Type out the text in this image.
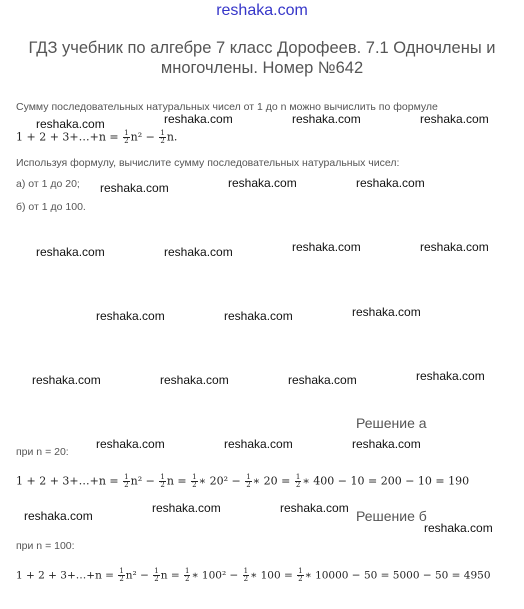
reshaka.com
ГДЗ учебник по алгебре 7 класс Дорофеев. 7.1 Одночлены и многочлены. Номер №642
Сумму последовательных натуральных чисел от 1 до n можно вычислить по формуле
1 + 2 + 3+…+n = $\frac{1}{2} n^2 - \frac{1}{2} n$.
Используя формулу, вычислите сумму последовательных натуральных чисел:
а) от 1 до 20;
б) от 1 до 100.
Решение а
при n = 20:
1 + 2 + 3+…+n = $\frac{1}{2} n^2 - \frac{1}{2}$ $n = \frac{1}{2}$ ∗ $20^2 - \frac{1}{2}$ ∗ $20 = \frac{1}{2}$ ∗ 400 − 10 = 200 − 10 = 190
Решение б
при n = 100:
1 + 2 + 3+…+n = $\frac{1}{2} n^2 - \frac{1}{2}$ $n = \frac{1}{2}$ ∗ $100^2 - \frac{1}{2}$ ∗ $100 = \frac{1}{2}$ ∗ 10000 − 50 = 5000 − 50 = 4950
reshaka.com	reshaka.com	reshaka.com	reshaka.com
reshaka.com	reshaka.com	reshaka.com
reshaka.com	reshaka.com	reshaka.com	reshaka.com
reshaka.com	reshaka.com	reshaka.com
reshaka.com	reshaka.com	reshaka.com	reshaka.com
reshaka.com	reshaka.com	reshaka.com
reshaka.com
reshaka.com	reshaka.com
reshaka.com
